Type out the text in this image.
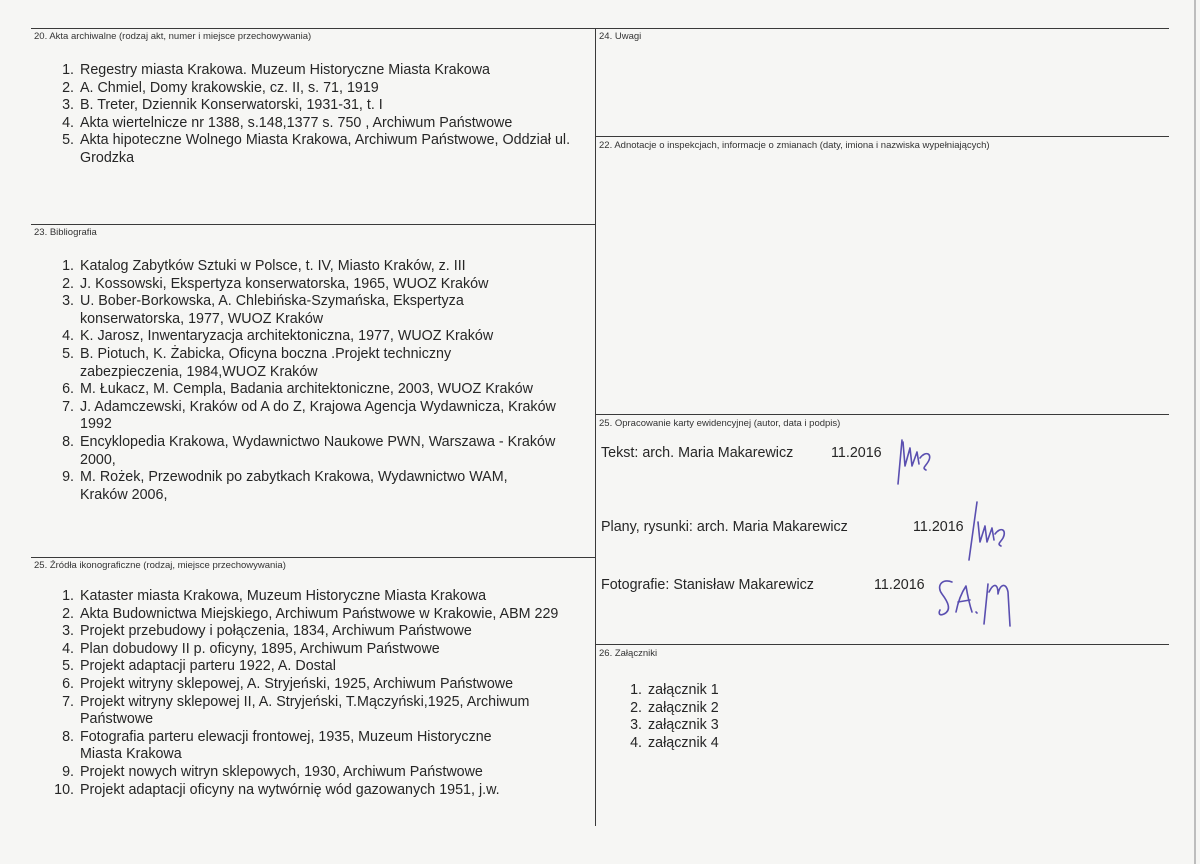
20. Akta archiwalne (rodzaj akt, numer i miejsce przechowywania)
23. Bibliografia
25. Źródła ikonograficzne (rodzaj, miejsce przechowywania)
24. Uwagi
22. Adnotacje o inspekcjach, informacje o zmianach (daty, imiona i nazwiska wypełniających)
25. Opracowanie karty ewidencyjnej (autor, data i podpis)
26. Załączniki
1. Regestry miasta Krakowa. Muzeum Historyczne Miasta Krakowa
2. A. Chmiel, Domy krakowskie, cz. II, s. 71, 1919
3. B. Treter, Dziennik Konserwatorski, 1931-31, t. I
4. Akta wiertelnicze nr 1388, s.148,1377 s. 750 , Archiwum Państwowe
5. Akta hipoteczne Wolnego Miasta Krakowa, Archiwum Państwowe, Oddział ul. Grodzka
1. Katalog Zabytków Sztuki w Polsce, t. IV, Miasto Kraków, z. III
2. J. Kossowski, Ekspertyza konserwatorska, 1965, WUOZ Kraków
3. U. Bober-Borkowska, A. Chlebińska-Szymańska, Ekspertyza konserwatorska, 1977, WUOZ Kraków
4. K. Jarosz, Inwentaryzacja architektoniczna, 1977, WUOZ Kraków
5. B. Piotuch, K. Żabicka, Oficyna boczna .Projekt techniczny zabezpieczenia, 1984,WUOZ Kraków
6. M. Łukacz, M. Cempla, Badania architektoniczne, 2003, WUOZ Kraków
7. J. Adamczewski, Kraków od A do Z, Krajowa Agencja Wydawnicza, Kraków 1992
8. Encyklopedia Krakowa, Wydawnictwo Naukowe PWN, Warszawa - Kraków 2000,
9. M. Rożek, Przewodnik po zabytkach Krakowa, Wydawnictwo WAM, Kraków 2006,
1. Kataster miasta Krakowa, Muzeum Historyczne Miasta Krakowa
2. Akta Budownictwa Miejskiego, Archiwum Państwowe w Krakowie, ABM 229
3. Projekt przebudowy i połączenia, 1834, Archiwum Państwowe
4. Plan dobudowy II p. oficyny, 1895, Archiwum Państwowe
5. Projekt adaptacji parteru 1922, A. Dostal
6. Projekt witryny sklepowej, A. Stryjeński, 1925, Archiwum Państwowe
7. Projekt witryny sklepowej II, A. Stryjeński, T.Mączyński,1925, Archiwum Państwowe
8. Fotografia parteru elewacji frontowej, 1935, Muzeum Historyczne Miasta Krakowa
9. Projekt nowych witryn sklepowych, 1930, Archiwum Państwowe
10. Projekt adaptacji oficyny na wytwórnię wód gazowanych 1951, j.w.
Tekst: arch. Maria Makarewicz	11.2016
Plany, rysunki: arch. Maria Makarewicz	11.2016
Fotografie: Stanisław Makarewicz	11.2016
1. załącznik 1
2. załącznik 2
3. załącznik 3
4. załącznik 4
